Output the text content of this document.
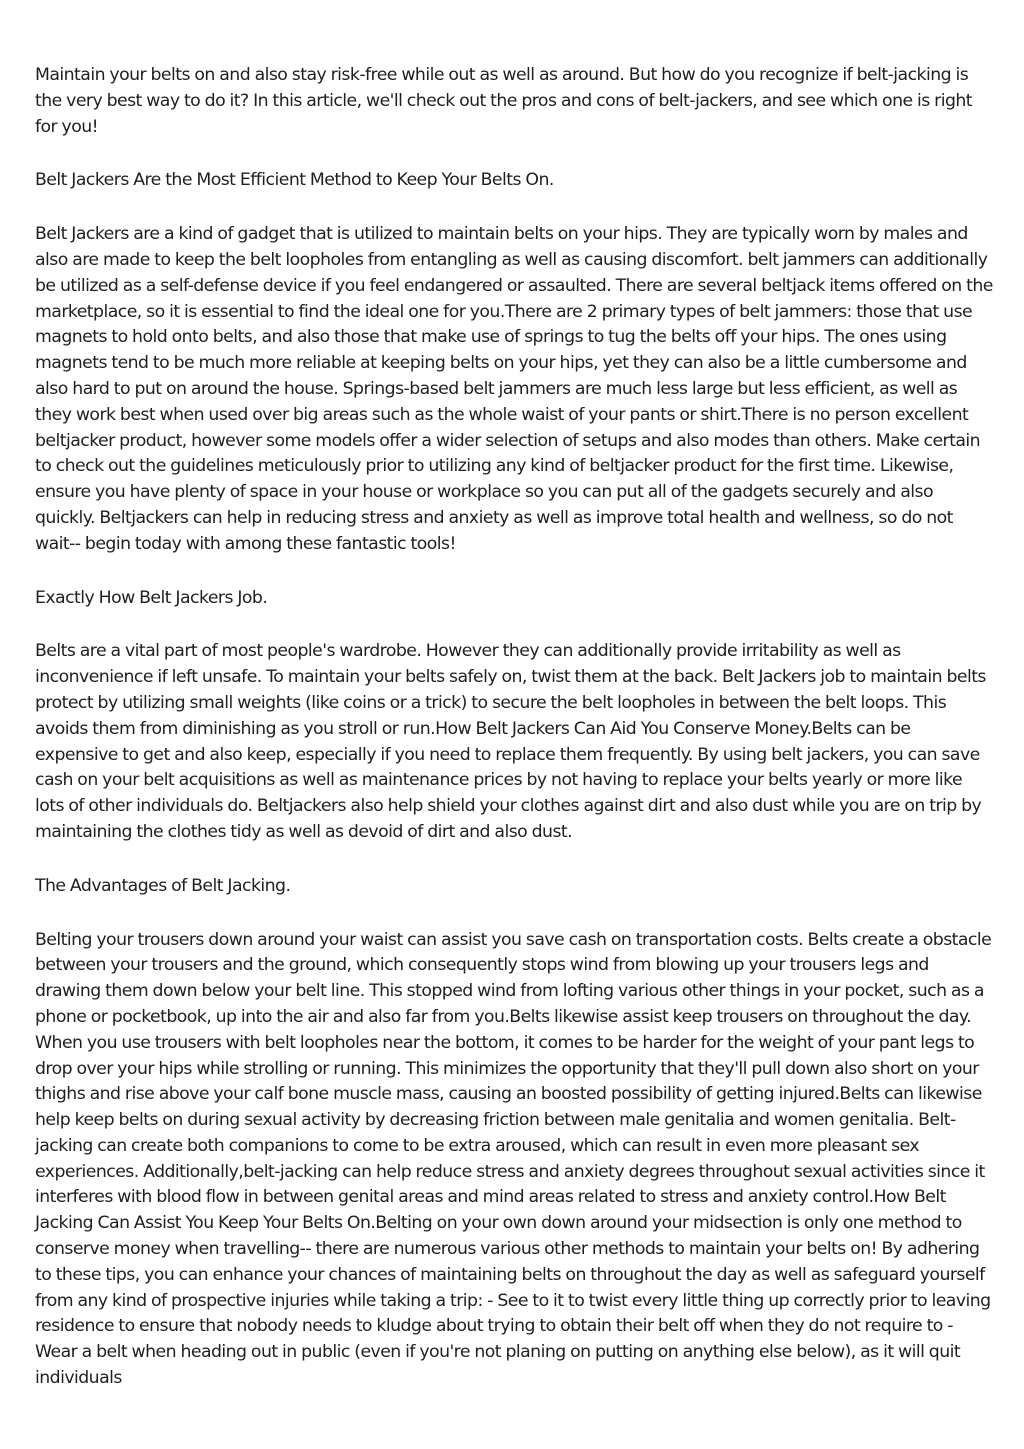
Maintain your belts on and also stay risk-free while out as well as around. But how do you recognize if belt-jacking is the very best way to do it? In this article, we'll check out the pros and cons of belt-jackers, and see which one is right for you!

Belt Jackers Are the Most Efficient Method to Keep Your Belts On.

Belt Jackers are a kind of gadget that is utilized to maintain belts on your hips. They are typically worn by males and also are made to keep the belt loopholes from entangling as well as causing discomfort. belt jammers can additionally be utilized as a self-defense device if you feel endangered or assaulted. There are several beltjack items offered on the marketplace, so it is essential to find the ideal one for you.There are 2 primary types of belt jammers: those that use magnets to hold onto belts, and also those that make use of springs to tug the belts off your hips. The ones using magnets tend to be much more reliable at keeping belts on your hips, yet they can also be a little cumbersome and also hard to put on around the house. Springs-based belt jammers are much less large but less efficient, as well as they work best when used over big areas such as the whole waist of your pants or shirt.There is no person excellent beltjacker product, however some models offer a wider selection of setups and also modes than others. Make certain to check out the guidelines meticulously prior to utilizing any kind of beltjacker product for the first time. Likewise, ensure you have plenty of space in your house or workplace so you can put all of the gadgets securely and also quickly. Beltjackers can help in reducing stress and anxiety as well as improve total health and wellness, so do not wait-- begin today with among these fantastic tools!

Exactly How Belt Jackers Job.

Belts are a vital part of most people's wardrobe. However they can additionally provide irritability as well as inconvenience if left unsafe. To maintain your belts safely on, twist them at the back. Belt Jackers job to maintain belts protect by utilizing small weights (like coins or a trick) to secure the belt loopholes in between the belt loops. This avoids them from diminishing as you stroll or run.How Belt Jackers Can Aid You Conserve Money.Belts can be expensive to get and also keep, especially if you need to replace them frequently. By using belt jackers, you can save cash on your belt acquisitions as well as maintenance prices by not having to replace your belts yearly or more like lots of other individuals do. Beltjackers also help shield your clothes against dirt and also dust while you are on trip by maintaining the clothes tidy as well as devoid of dirt and also dust.

The Advantages of Belt Jacking.

Belting your trousers down around your waist can assist you save cash on transportation costs. Belts create a obstacle between your trousers and the ground, which consequently stops wind from blowing up your trousers legs and drawing them down below your belt line. This stopped wind from lofting various other things in your pocket, such as a phone or pocketbook, up into the air and also far from you.Belts likewise assist keep trousers on throughout the day. When you use trousers with belt loopholes near the bottom, it comes to be harder for the weight of your pant legs to drop over your hips while strolling or running. This minimizes the opportunity that they'll pull down also short on your thighs and rise above your calf bone muscle mass, causing an boosted possibility of getting injured.Belts can likewise help keep belts on during sexual activity by decreasing friction between male genitalia and women genitalia. Belt-jacking can create both companions to come to be extra aroused, which can result in even more pleasant sex experiences. Additionally,belt-jacking can help reduce stress and anxiety degrees throughout sexual activities since it interferes with blood flow in between genital areas and mind areas related to stress and anxiety control.How Belt Jacking Can Assist You Keep Your Belts On.Belting on your own down around your midsection is only one method to conserve money when travelling-- there are numerous various other methods to maintain your belts on! By adhering to these tips, you can enhance your chances of maintaining belts on throughout the day as well as safeguard yourself from any kind of prospective injuries while taking a trip: - See to it to twist every little thing up correctly prior to leaving residence to ensure that nobody needs to kludge about trying to obtain their belt off when they do not require to - Wear a belt when heading out in public (even if you're not planing on putting on anything else below), as it will quit individuals
